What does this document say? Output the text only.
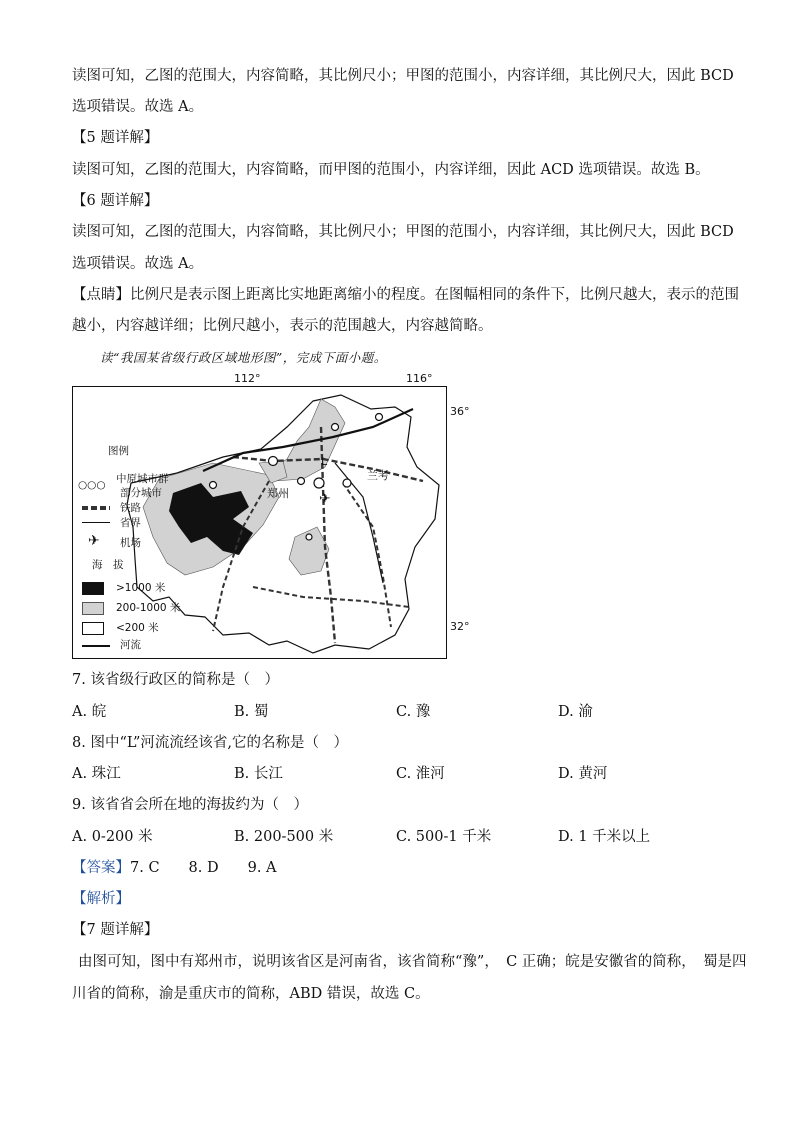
读图可知，乙图的范围大，内容简略，其比例尺小；甲图的范围小，内容详细，其比例尺大，因此 BCD
选项错误。故选 A。
【5 题详解】
读图可知，乙图的范围大，内容简略，而甲图的范围小，内容详细，因此 ACD 选项错误。故选 B。
【6 题详解】
读图可知，乙图的范围大，内容简略，其比例尺小；甲图的范围小，内容详细，其比例尺大，因此 BCD
选项错误。故选 A。
【点睛】比例尺是表示图上距离比实地距离缩小的程度。在图幅相同的条件下，比例尺越大，表示的范围
越小，内容越详细；比例尺越小，表示的范围越大，内容越简略。
读“我国某省级行政区域地形图”，完成下面小题。
112°	116°
36°
32°
✈
郑州
兰考
L
图例
○○○ 中原城市群
部分城市
铁路
省界
✈ 机场
海　拔
>1000 米
200-1000 米
<200 米
河流
7. 该省级行政区的简称是（　）
A. 皖	B. 蜀	C. 豫	D. 渝
8. 图中“L”河流流经该省,它的名称是（　）
A. 珠江	B. 长江	C. 淮河	D. 黄河
9. 该省省会所在地的海拔约为（　）
A. 0-200 米	B. 200-500 米	C. 500-1 千米	D. 1 千米以上
【答案】7. C　　8. D　　9. A
【解析】
【7 题详解】
由图可知，图中有郑州市，说明该省区是河南省，该省简称“豫”，　C 正确；皖是安徽省的简称，　蜀是四
川省的简称，渝是重庆市的简称，ABD 错误，故选 C。
